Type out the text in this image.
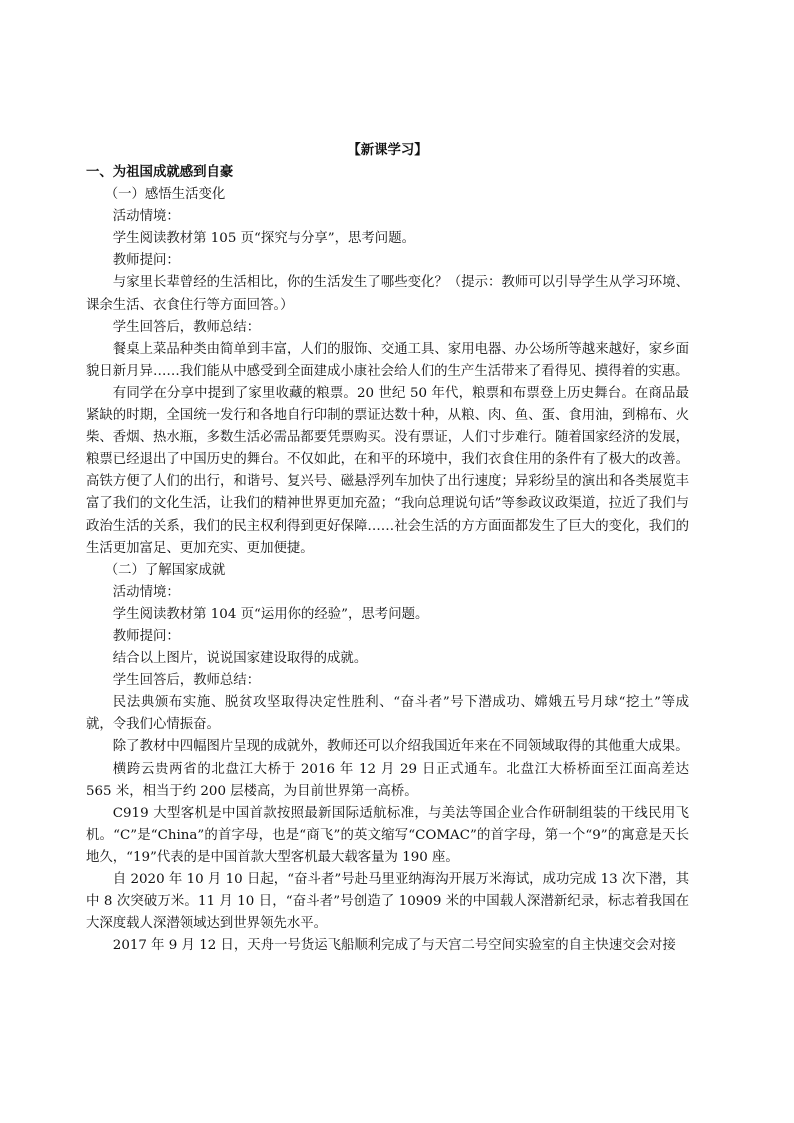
【新课学习】

一、为祖国成就感到自豪

（一）感悟生活变化

活动情境：

学生阅读教材第 105 页“探究与分享”，思考问题。

教师提问：

与家里长辈曾经的生活相比，你的生活发生了哪些变化？（提示：教师可以引导学生从学习环境、课余生活、衣食住行等方面回答。）

学生回答后，教师总结：

餐桌上菜品种类由简单到丰富，人们的服饰、交通工具、家用电器、办公场所等越来越好，家乡面貌日新月异……我们能从中感受到全面建成小康社会给人们的生产生活带来了看得见、摸得着的实惠。

有同学在分享中提到了家里收藏的粮票。20 世纪 50 年代，粮票和布票登上历史舞台。在商品最紧缺的时期，全国统一发行和各地自行印制的票证达数十种，从粮、肉、鱼、蛋、食用油，到棉布、火柴、香烟、热水瓶，多数生活必需品都要凭票购买。没有票证，人们寸步难行。随着国家经济的发展，粮票已经退出了中国历史的舞台。不仅如此，在和平的环境中，我们衣食住用的条件有了极大的改善。高铁方便了人们的出行，和谐号、复兴号、磁悬浮列车加快了出行速度；异彩纷呈的演出和各类展览丰富了我们的文化生活，让我们的精神世界更加充盈；“我向总理说句话”等参政议政渠道，拉近了我们与政治生活的关系，我们的民主权利得到更好保障……社会生活的方方面面都发生了巨大的变化，我们的生活更加富足、更加充实、更加便捷。

（二）了解国家成就

活动情境：

学生阅读教材第 104 页“运用你的经验”，思考问题。

教师提问：

结合以上图片，说说国家建设取得的成就。

学生回答后，教师总结：

民法典颁布实施、脱贫攻坚取得决定性胜利、“奋斗者”号下潜成功、嫦娥五号月球“挖土”等成就，令我们心情振奋。

除了教材中四幅图片呈现的成就外，教师还可以介绍我国近年来在不同领域取得的其他重大成果。

横跨云贵两省的北盘江大桥于 2016 年 12 月 29 日正式通车。北盘江大桥桥面至江面高差达 565 米，相当于约 200 层楼高，为目前世界第一高桥。

C919 大型客机是中国首款按照最新国际适航标准，与美法等国企业合作研制组装的干线民用飞机。“C”是“China”的首字母，也是“商飞”的英文缩写“COMAC”的首字母，第一个“9”的寓意是天长地久，“19”代表的是中国首款大型客机最大载客量为 190 座。

自 2020 年 10 月 10 日起，“奋斗者”号赴马里亚纳海沟开展万米海试，成功完成 13 次下潜，其中 8 次突破万米。11 月 10 日，“奋斗者”号创造了 10909 米的中国载人深潜新纪录，标志着我国在大深度载人深潜领域达到世界领先水平。

2017 年 9 月 12 日，天舟一号货运飞船顺利完成了与天宫二号空间实验室的自主快速交会对接
